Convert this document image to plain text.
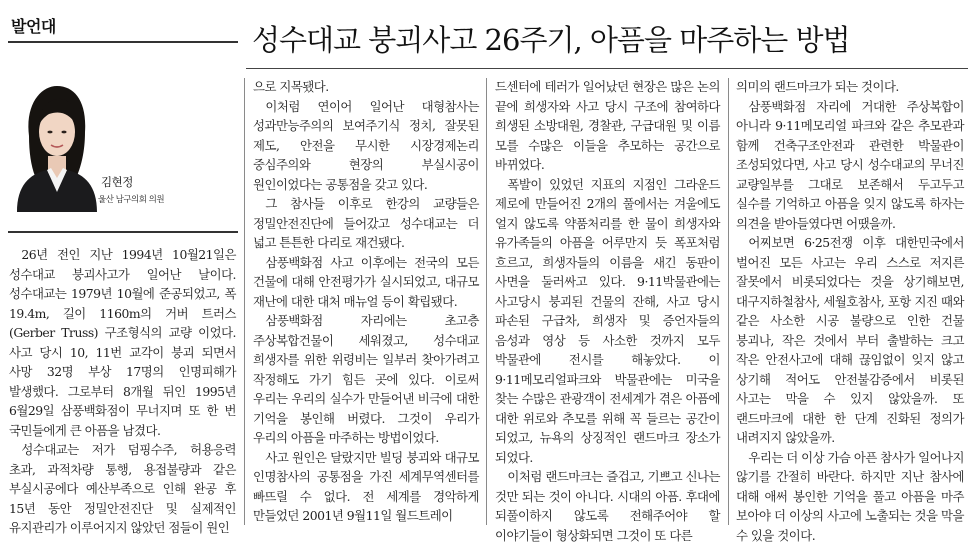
발언대	성수대교 붕괴사고 26주기, 아픔을 마주하는 방법
김현정
울산 남구의회 의원

26년 전인 지난 1994년 10월21일은 성수대교 붕괴사고가 일어난 날이다. 성수대교는 1979년 10월에 준공되었고, 폭 19.4m, 길이 1160m의 거버 트러스(Gerber Truss) 구조형식의 교량 이었다. 사고 당시 10, 11번 교각이 붕괴 되면서 사망 32명 부상 17명의 인명피해가 발생했다. 그로부터 8개월 뒤인 1995년 6월29일 삼풍백화점이 무너지며 또 한 번 국민들에게 큰 아픔을 남겼다.

성수대교는 저가 덤핑수주, 허용응력 초과, 과적차량 통행, 용접불량과 같은 부실시공에다 예산부족으로 인해 완공 후 15년 동안 정밀안전진단 및 실제적인 유지관리가 이루어지지 않았던 점들이 원인

으로 지목됐다.

이처럼 연이어 일어난 대형참사는 성과만능주의의 보여주기식 정치, 잘못된 제도, 안전을 무시한 시장경제논리 중심주의와 현장의 부실시공이 원인이었다는 공통점을 갖고 있다.

그 참사들 이후로 한강의 교량들은 정밀안전진단에 들어갔고 성수대교는 더 넓고 튼튼한 다리로 재건됐다.

삼풍백화점 사고 이후에는 전국의 모든 건물에 대해 안전평가가 실시되었고, 대규모 재난에 대한 대처 매뉴얼 등이 확립됐다.

삼풍백화점 자리에는 초고층 주상복합건물이 세워졌고, 성수대교 희생자를 위한 위령비는 일부러 찾아가려고 작정해도 가기 힘든 곳에 있다. 이로써 우리는 우리의 실수가 만들어낸 비극에 대한 기억을 봉인해 버렸다. 그것이 우리가 우리의 아픔을 마주하는 방법이었다.

사고 원인은 달랐지만 빌딩 붕괴와 대규모 인명참사의 공통점을 가진 세계무역센터를 빠뜨릴 수 없다. 전 세계를 경악하게 만들었던 2001년 9월11일 월드트레이

드센터에 테러가 일어났던 현장은 많은 논의 끝에 희생자와 사고 당시 구조에 참여하다 희생된 소방대원, 경찰관, 구급대원 및 이름 모를 수많은 이들을 추모하는 공간으로 바뀌었다.

폭발이 있었던 지표의 지점인 그라운드 제로에 만들어진 2개의 풀에서는 겨울에도 얼지 않도록 약품처리를 한 물이 희생자와 유가족들의 아픔을 어루만지 듯 폭포처럼 흐르고, 희생자들의 이름을 새긴 동판이 사면을 둘러싸고 있다. 9·11박물관에는 사고당시 붕괴된 건물의 잔해, 사고 당시 파손된 구급차, 희생자 및 증언자들의 음성과 영상 등 사소한 것까지 모두 박물관에 전시를 해놓았다. 이 9·11메모리얼파크와 박물관에는 미국을 찾는 수많은 관광객이 전세계가 겪은 아픔에 대한 위로와 추모를 위해 꼭 들르는 공간이 되었고, 뉴욕의 상징적인 랜드마크 장소가 되었다.

이처럼 랜드마크는 즐겁고, 기쁘고 신나는 것만 되는 것이 아니다. 시대의 아픔. 후대에 되풀이하지 않도록 전해주어야 할 이야기들이 형상화되면 그것이 또 다른

의미의 랜드마크가 되는 것이다.

삼풍백화점 자리에 거대한 주상복합이 아니라 9·11메모리얼 파크와 같은 추모관과 함께 건축구조안전과 관련한 박물관이 조성되었다면, 사고 당시 성수대교의 무너진 교량일부를 그대로 보존해서 두고두고 실수를 기억하고 아픔을 잊지 않도록 하자는 의견을 받아들였다면 어땠을까.

어찌보면 6·25전쟁 이후 대한민국에서 벌어진 모든 사고는 우리 스스로 저지른 잘못에서 비롯되었다는 것을 상기해보면, 대구지하철참사, 세월호참사, 포항 지진 때와 같은 사소한 시공 불량으로 인한 건물 붕괴나, 작은 것에서 부터 출발하는 크고 작은 안전사고에 대해 끊임없이 잊지 않고 상기해 적어도 안전불감증에서 비롯된 사고는 막을 수 있지 않았을까. 또 랜드마크에 대한 한 단계 진화된 정의가 내려지지 않았을까.

우리는 더 이상 가슴 아픈 참사가 일어나지 않기를 간절히 바란다. 하지만 지난 참사에 대해 애써 봉인한 기억을 풀고 아픔을 마주 보아야 더 이상의 사고에 노출되는 것을 막을 수 있을 것이다.
